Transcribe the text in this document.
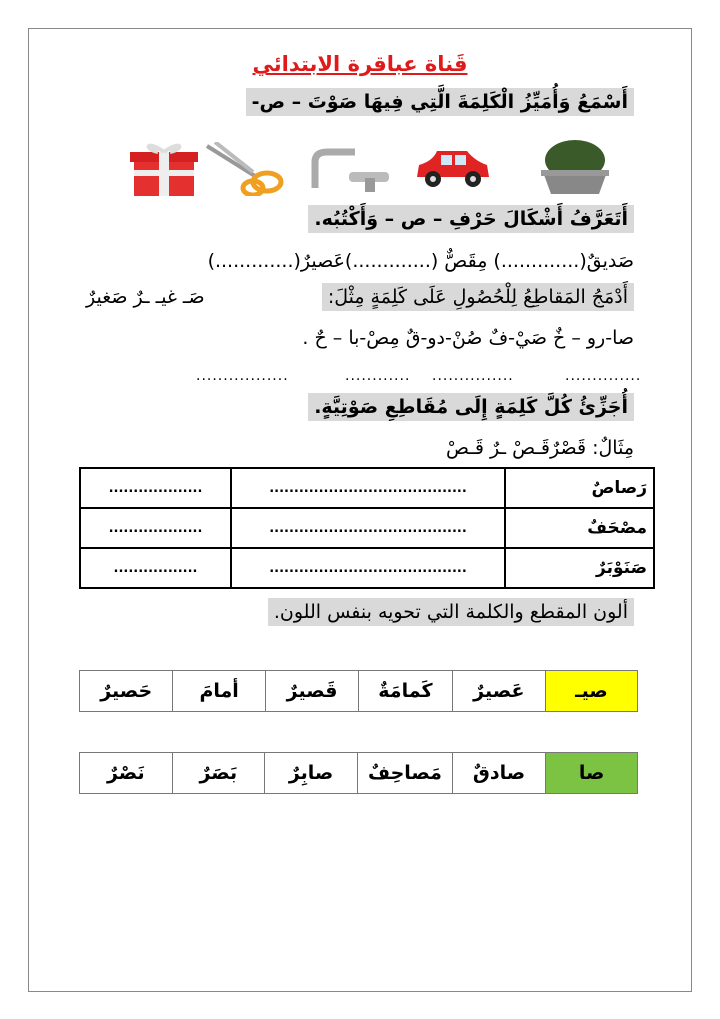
قَناة عباقرة الابتدائي
أَسْمَعُ وَأُمَيِّزُ الْكَلِمَةَ الَّتِي فِيهَا صَوْتَ – ص-
أَتَعَرَّفُ أَشْكَالَ حَرْفِ – ص – وَأَكْتُبُه.
صَديقٌ(.............) مِقَصٌّ (.............)عَصيرٌ(.............)
أَدْمَجُ المَقاطِعُ لِلْحُصُولِ عَلَى كَلِمَةٍ مِثْلَ:
صَـ غيـ ـرٌ صَغيرٌ
صا-رو – خٌ صَيْ-فٌ صُنْ-دو-قٌ مِصْ-با – حٌ .
..............
...............
............
.................
أُجَزِّئُ كُلَّ كَلِمَةٍ إِلَى مُقَاطِعِ صَوْتِيَّةٍ.
مِثَالٌ: قَصْرٌقَـصْ ـرٌ قَـصْ
رَصاصٌ	........................................	...................
مصْحَفٌ	........................................	...................
صَنَوْبَرٌ	........................................	.................
ألون المقطع والكلمة التي تحويه بنفس اللون.
صيـ	عَصيرٌ	كَمامَةٌ	قَصيرٌ	أمامَ	حَصيرٌ
صا	صادقٌ	مَصاحِفٌ	صابِرٌ	بَصَرٌ	نَصْرٌ
